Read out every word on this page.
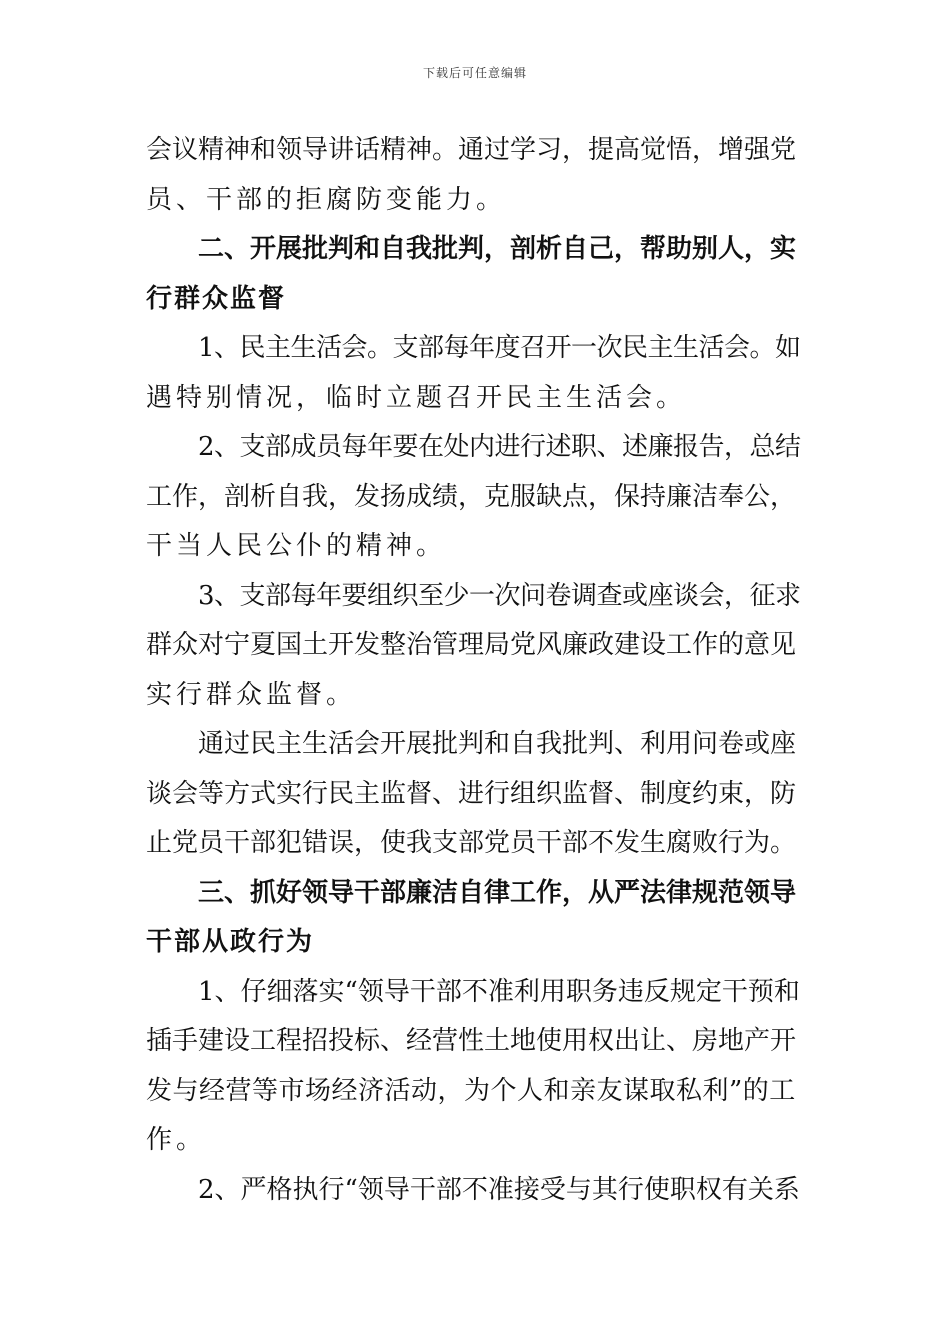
下载后可任意编辑
会议精神和领导讲话精神。通过学习，提高觉悟，增强党
员、干部的拒腐防变能力。
二、开展批判和自我批判，剖析自己，帮助别人，实
行群众监督
1、民主生活会。支部每年度召开一次民主生活会。如
遇特别情况，临时立题召开民主生活会。
2、支部成员每年要在处内进行述职、述廉报告，总结
工作，剖析自我，发扬成绩，克服缺点，保持廉洁奉公，
干当人民公仆的精神。
3、支部每年要组织至少一次问卷调查或座谈会，征求
群众对宁夏国土开发整治管理局党风廉政建设工作的意见
实行群众监督。
通过民主生活会开展批判和自我批判、利用问卷或座
谈会等方式实行民主监督、进行组织监督、制度约束，防
止党员干部犯错误，使我支部党员干部不发生腐败行为。
三、抓好领导干部廉洁自律工作，从严法律规范领导
干部从政行为
1、仔细落实“领导干部不准利用职务违反规定干预和
插手建设工程招投标、经营性土地使用权出让、房地产开
发与经营等市场经济活动，为个人和亲友谋取私利”的工
作。
2、严格执行“领导干部不准接受与其行使职权有关系
